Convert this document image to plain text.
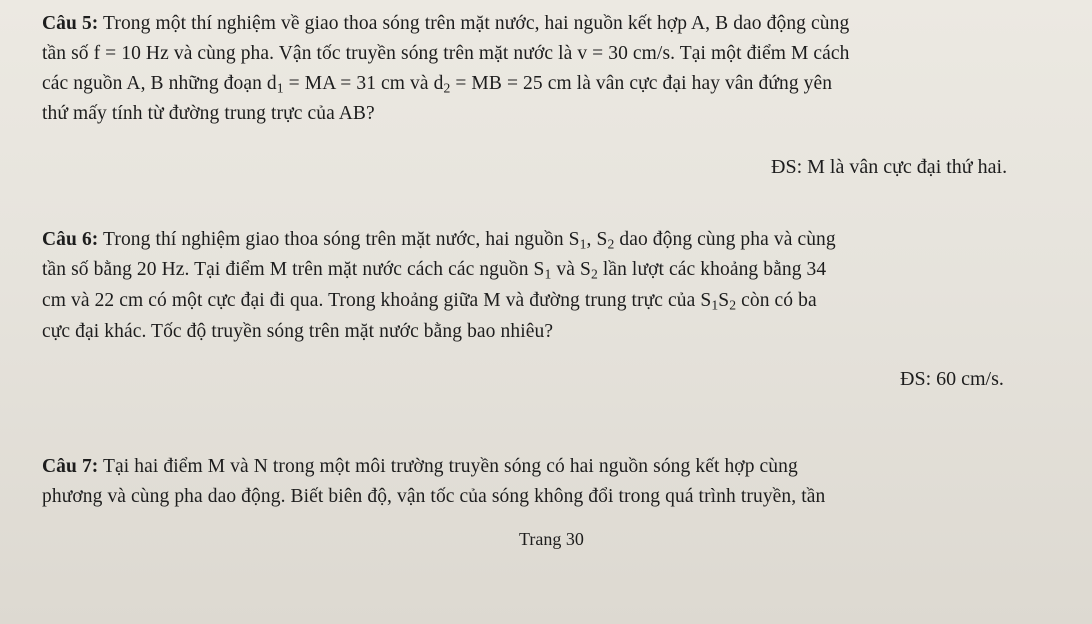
Câu 5: Trong một thí nghiệm về giao thoa sóng trên mặt nước, hai nguồn kết hợp A, B dao động cùng
tần số f = 10 Hz và cùng pha. Vận tốc truyền sóng trên mặt nước là v = 30 cm/s. Tại một điểm M cách
các nguồn A, B những đoạn $d_1$ = MA = 31 cm và $d_2$ = MB = 25 cm là vân cực đại hay vân đứng yên
thứ mấy tính từ đường trung trực của AB?
ĐS: M là vân cực đại thứ hai.
Câu 6: Trong thí nghiệm giao thoa sóng trên mặt nước, hai nguồn $S_1$, $S_2$ dao động cùng pha và cùng
tần số bằng 20 Hz. Tại điểm M trên mặt nước cách các nguồn $S_1$ và $S_2$ lần lượt các khoảng bằng 34
cm và 22 cm có một cực đại đi qua. Trong khoảng giữa M và đường trung trực của $S_1S_2$ còn có ba
cực đại khác. Tốc độ truyền sóng trên mặt nước bằng bao nhiêu?
ĐS: 60 cm/s.
Câu 7: Tại hai điểm M và N trong một môi trường truyền sóng có hai nguồn sóng kết hợp cùng
phương và cùng pha dao động. Biết biên độ, vận tốc của sóng không đổi trong quá trình truyền, tần
Trang 30
